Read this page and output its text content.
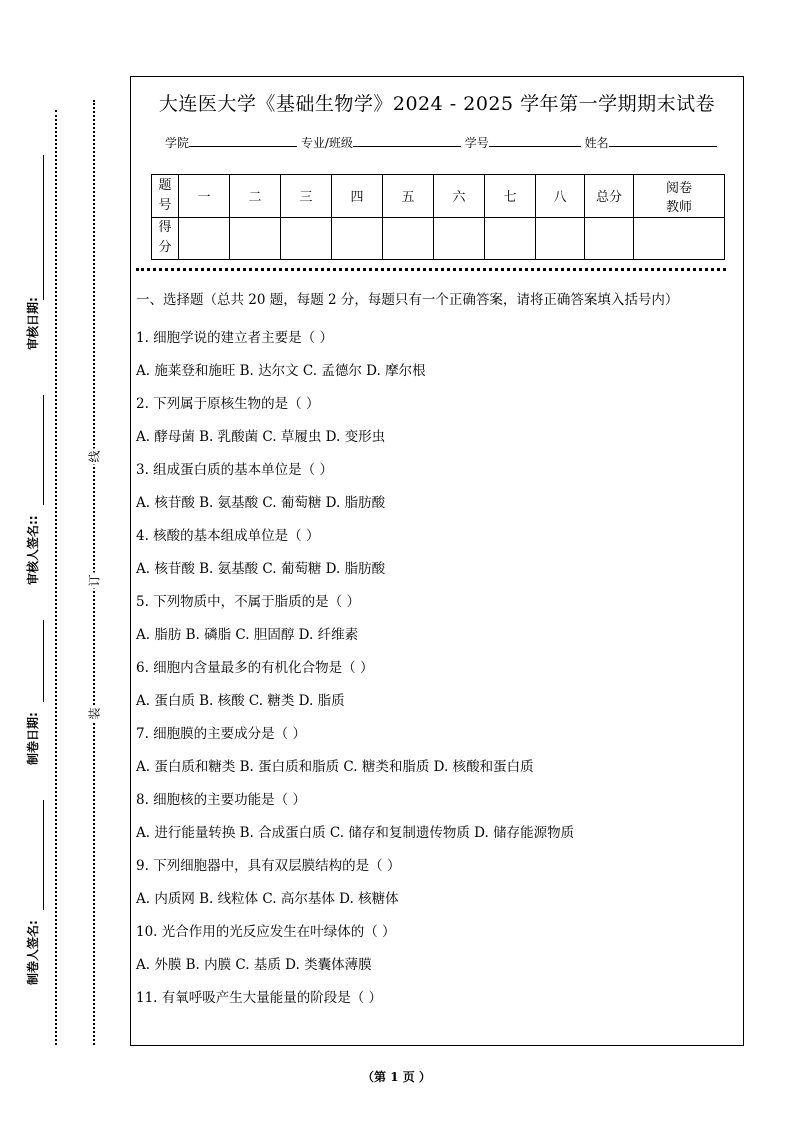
审核日期:
审核人签名::
制卷日期:
制卷人签名:
线
订
装
大连医大学《基础生物学》2024 - 2025 学年第一学期期末试卷
学院	专业/班级	学号	姓名
题
号	一	二	三	四	五	六	七	八	总分	阅卷
教师
得
分										
一、选择题（总共 20 题，每题 2 分，每题只有一个正确答案，请将正确答案填入括号内）
1. 细胞学说的建立者主要是（ ）
A. 施莱登和施旺 B. 达尔文 C. 孟德尔 D. 摩尔根
2. 下列属于原核生物的是（ ）
A. 酵母菌 B. 乳酸菌 C. 草履虫 D. 变形虫
3. 组成蛋白质的基本单位是（ ）
A. 核苷酸 B. 氨基酸 C. 葡萄糖 D. 脂肪酸
4. 核酸的基本组成单位是（ ）
A. 核苷酸 B. 氨基酸 C. 葡萄糖 D. 脂肪酸
5. 下列物质中，不属于脂质的是（ ）
A. 脂肪 B. 磷脂 C. 胆固醇 D. 纤维素
6. 细胞内含量最多的有机化合物是（ ）
A. 蛋白质 B. 核酸 C. 糖类 D. 脂质
7. 细胞膜的主要成分是（ ）
A. 蛋白质和糖类 B. 蛋白质和脂质 C. 糖类和脂质 D. 核酸和蛋白质
8. 细胞核的主要功能是（ ）
A. 进行能量转换 B. 合成蛋白质 C. 储存和复制遗传物质 D. 储存能源物质
9. 下列细胞器中，具有双层膜结构的是（ ）
A. 内质网 B. 线粒体 C. 高尔基体 D. 核糖体
10. 光合作用的光反应发生在叶绿体的（ ）
A. 外膜 B. 内膜 C. 基质 D. 类囊体薄膜
11. 有氧呼吸产生大量能量的阶段是（ ）
（第 1 页 ）
